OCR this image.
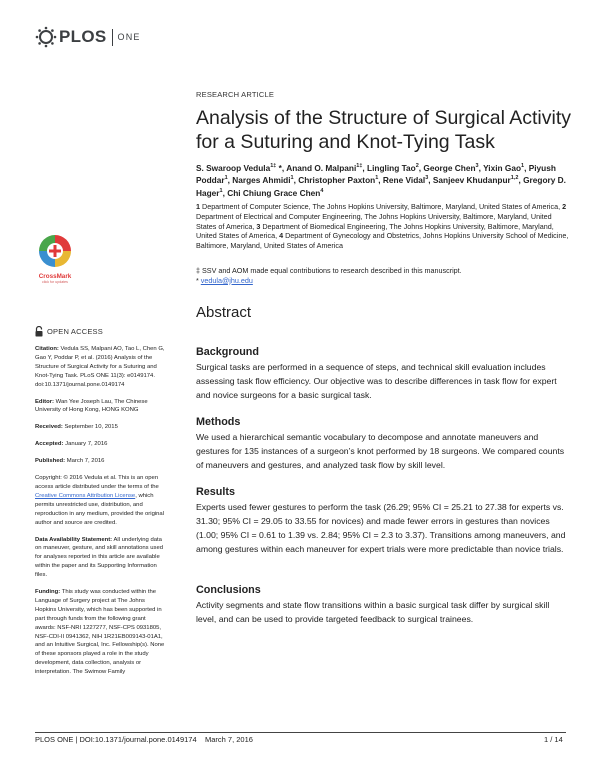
PLOS ONE
RESEARCH ARTICLE
Analysis of the Structure of Surgical Activity
for a Suturing and Knot-Tying Task

S. Swaroop Vedula$^{1\ddagger}$ *, Anand O. Malpani$^{1\ddagger}$, Lingling Tao$^2$, George Chen$^3$, Yixin Gao$^1$, Piyush Poddar$^1$, Narges Ahmidi$^1$, Christopher Paxton$^1$, Rene Vidal$^3$, Sanjeev Khudanpur$^{1,2}$, Gregory D. Hager$^1$, Chi Chiung Grace Chen$^4$

1 Department of Computer Science, The Johns Hopkins University, Baltimore, Maryland, United States of America, 2 Department of Electrical and Computer Engineering, The Johns Hopkins University, Baltimore, Maryland, United States of America, 3 Department of Biomedical Engineering, The Johns Hopkins University, Baltimore, Maryland, United States of America, 4 Department of Gynecology and Obstetrics, Johns Hopkins University School of Medicine, Baltimore, Maryland, United States of America

‡ SSV and AOM made equal contributions to research described in this manuscript.
* vedula@jhu.edu
Abstract
Background

Surgical tasks are performed in a sequence of steps, and technical skill evaluation includes assessing task flow efficiency. Our objective was to describe differences in task flow for expert and novice surgeons for a basic surgical task.

Methods

We used a hierarchical semantic vocabulary to decompose and annotate maneuvers and gestures for 135 instances of a surgeon’s knot performed by 18 surgeons. We compared counts of maneuvers and gestures, and analyzed task flow by skill level.

Results

Experts used fewer gestures to perform the task (26.29; 95% CI = 25.21 to 27.38 for experts vs. 31.30; 95% CI = 29.05 to 33.55 for novices) and made fewer errors in gestures than novices (1.00; 95% CI = 0.61 to 1.39 vs. 2.84; 95% CI = 2.3 to 3.37). Transitions among maneuvers, and among gestures within each maneuver for expert trials were more predictable than novice trials.

Conclusions

Activity segments and state flow transitions within a basic surgical task differ by surgical skill level, and can be used to provide targeted feedback to surgical trainees.

CrossMark
click for updates
OPEN ACCESS
Citation: Vedula SS, Malpani AO, Tao L, Chen G, Gao Y, Poddar P, et al. (2016) Analysis of the Structure of Surgical Activity for a Suturing and Knot-Tying Task. PLoS ONE 11(3): e0149174. doi:10.1371/journal.pone.0149174
Editor: Wan Yee Joseph Lau, The Chinese University of Hong Kong, HONG KONG
Received: September 10, 2015
Accepted: January 7, 2016
Published: March 7, 2016
Copyright: © 2016 Vedula et al. This is an open access article distributed under the terms of the Creative Commons Attribution License, which permits unrestricted use, distribution, and reproduction in any medium, provided the original author and source are credited.
Data Availability Statement: All underlying data on maneuver, gesture, and skill annotations used for analyses reported in this article are available within the paper and its Supporting Information files.
Funding: This study was conducted within the Language of Surgery project at The Johns Hopkins University, which has been supported in part through funds from the following grant awards: NSF-NRI 1227277, NSF-CPS 0931805, NSF-CDI-II 0941362, NIH 1R21EB009143-01A1, and an Intuitive Surgical, Inc. Fellowship(s). None of these sponsors played a role in the study development, data collection, analysis or interpretation. The Swimow Family
PLOS ONE | DOI:10.1371/journal.pone.0149174    March 7, 2016	1 / 14
